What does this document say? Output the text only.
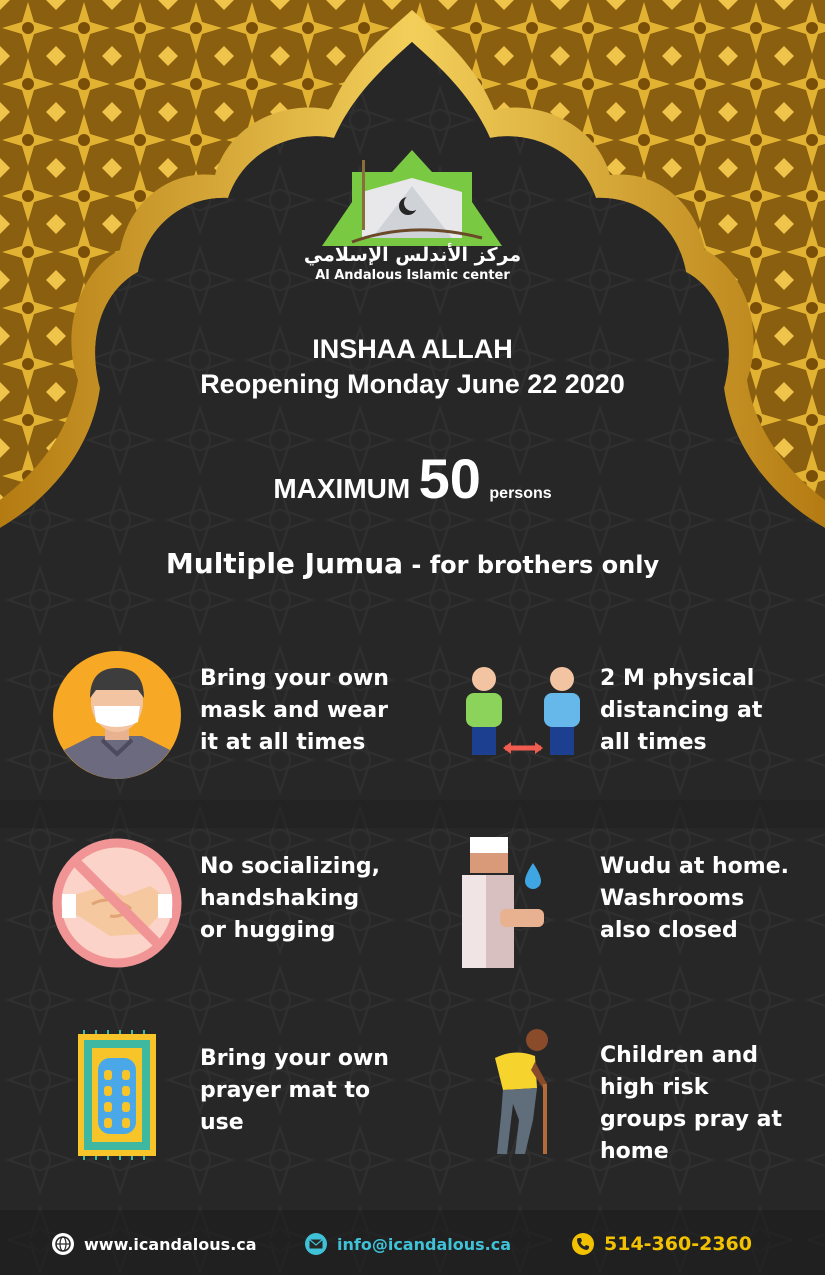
مركز الأندلس الإسلامي
Al Andalous Islamic center
INSHAA ALLAH
Reopening Monday June 22 2020
MAXIMUM 50 persons
Multiple Jumua - for brothers only
Bring your own
mask and wear
it at all times
2 M physical
distancing at
all times
No socializing,
handshaking
or hugging
Wudu at home.
Washrooms
also closed
Bring your own
prayer mat to
use
Children and
high risk
groups pray at
home
www.icandalous.ca	info@icandalous.ca	514-360-2360
